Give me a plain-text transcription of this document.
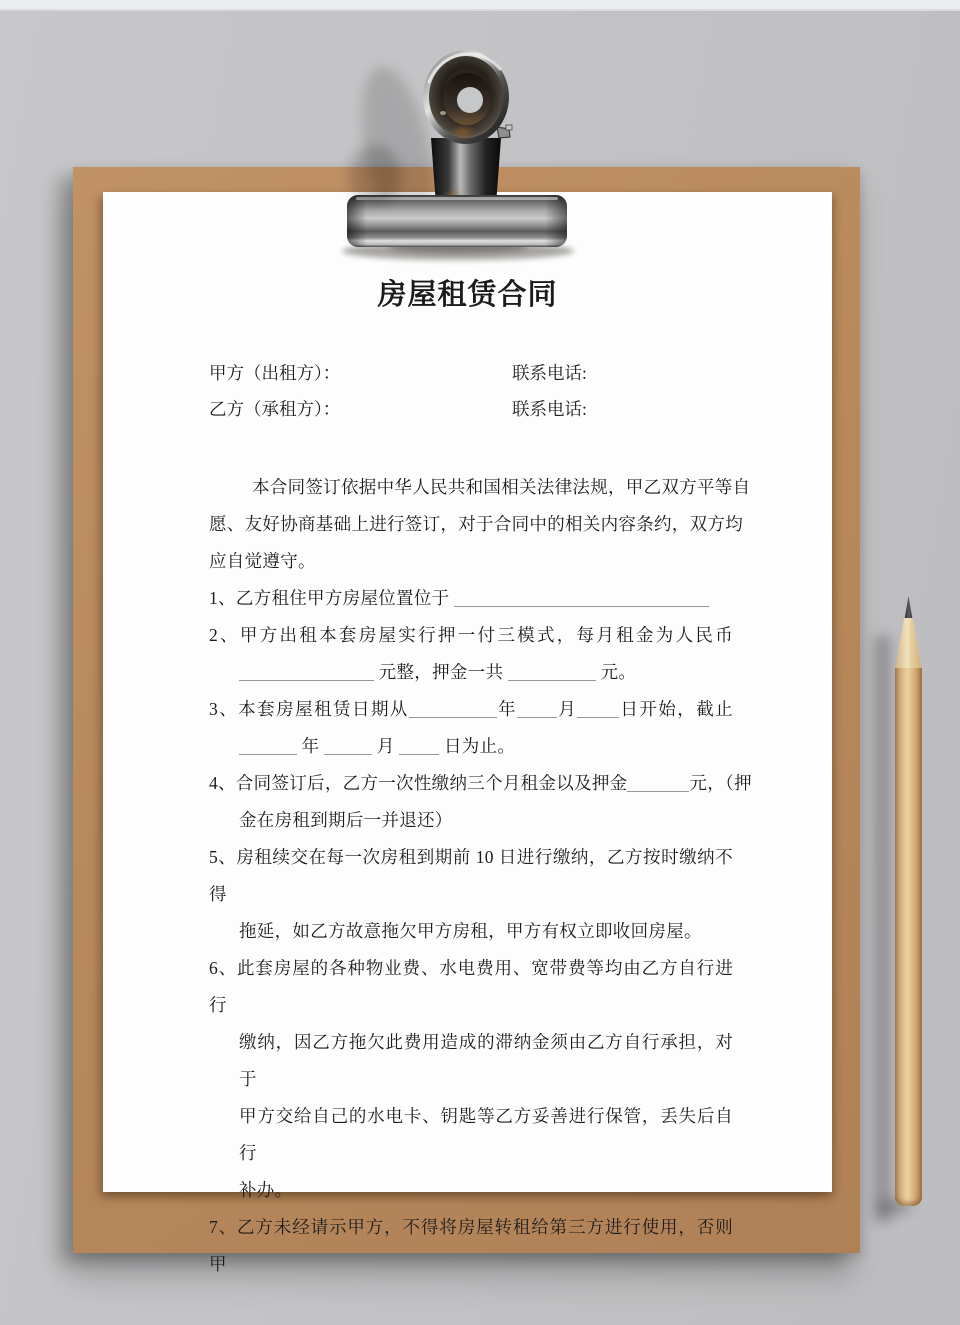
房屋租赁合同
甲方（出租方）：	联系电话:
乙方（承租方）：	联系电话:
本合同签订依据中华人民共和国相关法律法规，甲乙双方平等自
愿、友好协商基础上进行签订，对于合同中的相关内容条约，双方均
应自觉遵守。
1、乙方租住甲方房屋位置位于
2、甲方出租本套房屋实行押一付三模式，每月租金为人民币
元整，押金一共	元。
3、本套房屋租赁日期从	年 月 日开始，截止
年	月  日为止。
4、合同签订后，乙方一次性缴纳三个月租金以及押金	元，（押
金在房租到期后一并退还）
5、房租续交在每一次房租到期前 10 日进行缴纳，乙方按时缴纳不得
拖延，如乙方故意拖欠甲方房租，甲方有权立即收回房屋。
6、此套房屋的各种物业费、水电费用、宽带费等均由乙方自行进行
缴纳，因乙方拖欠此费用造成的滞纳金须由乙方自行承担，对于
甲方交给自己的水电卡、钥匙等乙方妥善进行保管，丢失后自行
补办。
7、乙方未经请示甲方，不得将房屋转租给第三方进行使用，否则甲
